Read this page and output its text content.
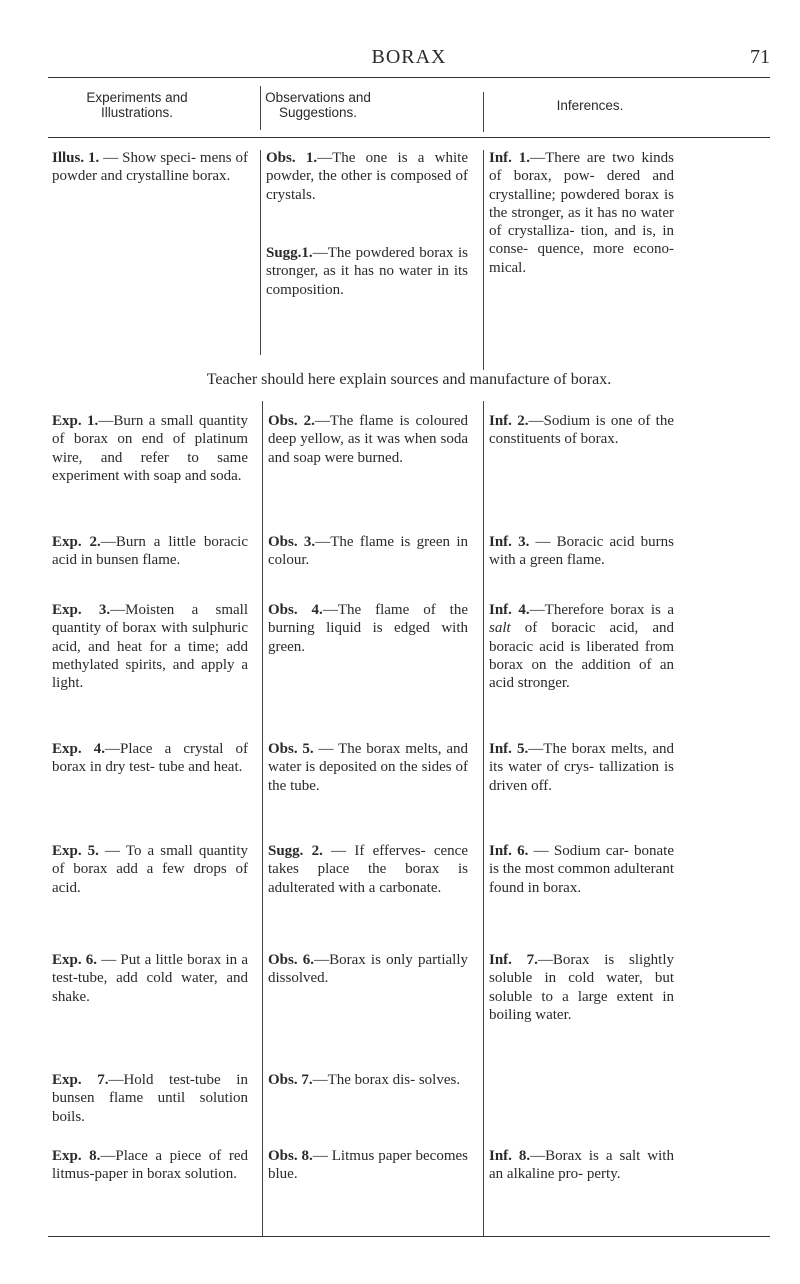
BORAX	71
Experiments and Illustrations.
Observations and Suggestions.	Inferences.
Illus. 1. — Show speci- mens of powder and crystalline borax.
Obs. 1.—The one is a white powder, the other is composed of crystals.
Sugg.1.—The powdered borax is stronger, as it has no water in its composition.
Inf. 1.—There are two kinds of borax, pow- dered and crystalline; powdered borax is the stronger, as it has no water of crystalliza- tion, and is, in conse- quence, more econo- mical.
Teacher should here explain sources and manufacture of borax.
Exp. 1.—Burn a small quantity of borax on end of platinum wire, and refer to same experiment with soap and soda.
Obs. 2.—The flame is coloured deep yellow, as it was when soda and soap were burned.
Inf. 2.—Sodium is one of the constituents of borax.
Exp. 2.—Burn a little boracic acid in bunsen flame.
Obs. 3.—The flame is green in colour.
Inf. 3. — Boracic acid burns with a green flame.
Exp. 3.—Moisten a small quantity of borax with sulphuric acid, and heat for a time; add methylated spirits, and apply a light.
Obs. 4.—The flame of the burning liquid is edged with green.
Inf. 4.—Therefore borax is a salt of boracic acid, and boracic acid is liberated from borax on the addition of an acid stronger.
Exp. 4.—Place a crystal of borax in dry test- tube and heat.
Obs. 5. — The borax melts, and water is deposited on the sides of the tube.
Inf. 5.—The borax melts, and its water of crys- tallization is driven off.
Exp. 5. — To a small quantity of borax add a few drops of acid.
Sugg. 2. — If efferves- cence takes place the borax is adulterated with a carbonate.
Inf. 6. — Sodium car- bonate is the most common adulterant found in borax.
Exp. 6. — Put a little borax in a test-tube, add cold water, and shake.
Obs. 6.—Borax is only partially dissolved.
Inf. 7.—Borax is slightly soluble in cold water, but soluble to a large extent in boiling water.
Exp. 7.—Hold test-tube in bunsen flame until solution boils.
Obs. 7.—The borax dis- solves.
Exp. 8.—Place a piece of red litmus-paper in borax solution.
Obs. 8.— Litmus paper becomes blue.
Inf. 8.—Borax is a salt with an alkaline pro- perty.
